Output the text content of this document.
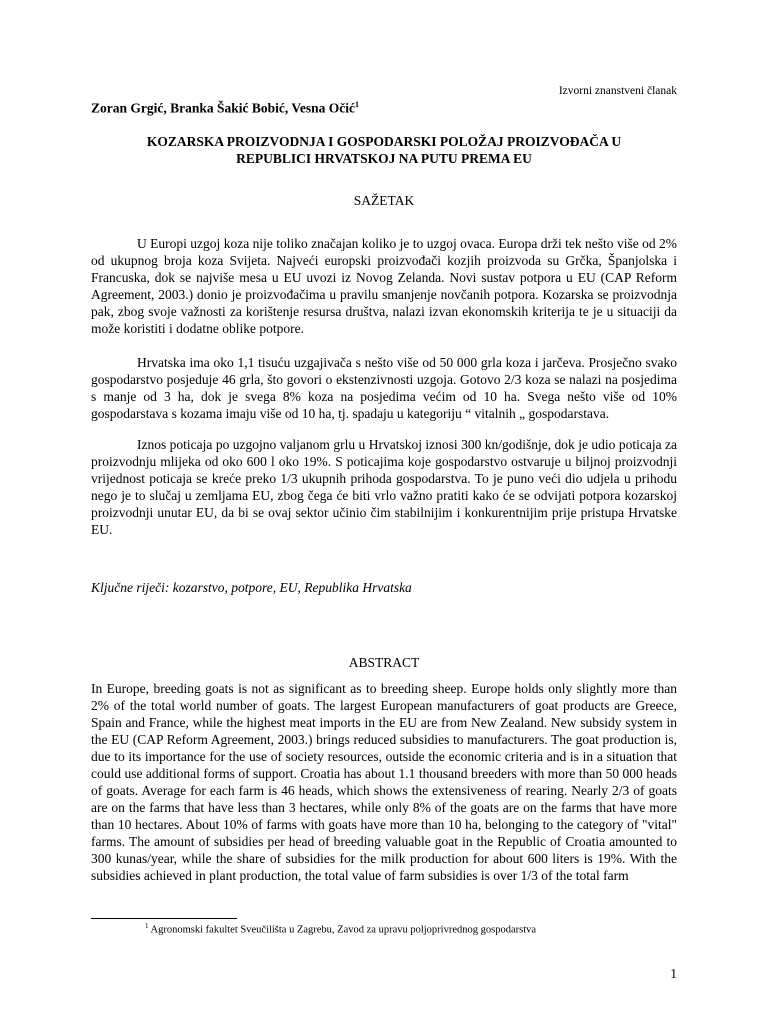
Izvorni znanstveni članak
Zoran Grgić, Branka Šakić Bobić, Vesna Očić$^1$
KOZARSKA PROIZVODNJA I GOSPODARSKI POLOŽAJ PROIZVOĐAČA U
REPUBLICI HRVATSKOJ NA PUTU PREMA EU
SAŽETAK

U Europi uzgoj koza nije toliko značajan koliko je to uzgoj ovaca. Europa drži tek nešto više od 2% od ukupnog broja koza Svijeta. Najveći europski proizvođači kozjih proizvoda su Grčka, Španjolska i Francuska, dok se najviše mesa u EU uvozi iz Novog Zelanda. Novi sustav potpora u EU (CAP Reform Agreement, 2003.) donio je proizvođačima u pravilu smanjenje novčanih potpora. Kozarska se proizvodnja pak, zbog svoje važnosti za korištenje resursa društva, nalazi izvan ekonomskih kriterija te je u situaciji da može koristiti i dodatne oblike potpore.

Hrvatska ima oko 1,1 tisuću uzgajivača s nešto više od 50 000 grla koza i jarčeva. Prosječno svako gospodarstvo posjeduje 46 grla, što govori o ekstenzivnosti uzgoja. Gotovo 2/3 koza se nalazi na posjedima s manje od 3 ha, dok je svega 8% koza na posjedima većim od 10 ha. Svega nešto više od 10% gospodarstava s kozama imaju više od 10 ha, tj. spadaju u kategoriju “ vitalnih „ gospodarstava.

Iznos poticaja po uzgojno valjanom grlu u Hrvatskoj iznosi 300 kn/godišnje, dok je udio poticaja za proizvodnju mlijeka od oko 600 l oko 19%. S poticajima koje gospodarstvo ostvaruje u biljnoj proizvodnji vrijednost poticaja se kreće preko 1/3 ukupnih prihoda gospodarstva. To je puno veći dio udjela u prihodu nego je to slučaj u zemljama EU, zbog čega će biti vrlo važno pratiti kako će se odvijati potpora kozarskoj proizvodnji unutar EU, da bi se ovaj sektor učinio čim stabilnijim i konkurentnijim prije pristupa Hrvatske EU.

Ključne riječi: kozarstvo, potpore, EU, Republika Hrvatska
ABSTRACT

In Europe, breeding goats is not as significant as to breeding sheep. Europe holds only slightly more than 2% of the total world number of goats. The largest European manufacturers of goat products are Greece, Spain and France, while the highest meat imports in the EU are from New Zealand. New subsidy system in the EU (CAP Reform Agreement, 2003.) brings reduced subsidies to manufacturers. The goat production is, due to its importance for the use of society resources, outside the economic criteria and is in a situation that could use additional forms of support. Croatia has about 1.1 thousand breeders with more than 50 000 heads of goats. Average for each farm is 46 heads, which shows the extensiveness of rearing. Nearly 2/3 of goats are on the farms that have less than 3 hectares, while only 8% of the goats are on the farms that have more than 10 hectares. About 10% of farms with goats have more than 10 ha, belonging to the category of "vital" farms. The amount of subsidies per head of breeding valuable goat in the Republic of Croatia amounted to 300 kunas/year, while the share of subsidies for the milk production for about 600 liters is 19%. With the subsidies achieved in plant production, the total value of farm subsidies is over 1/3 of the total farm

$^1$ Agronomski fakultet Sveučilišta u Zagrebu, Zavod za upravu poljoprivrednog gospodarstva
1
